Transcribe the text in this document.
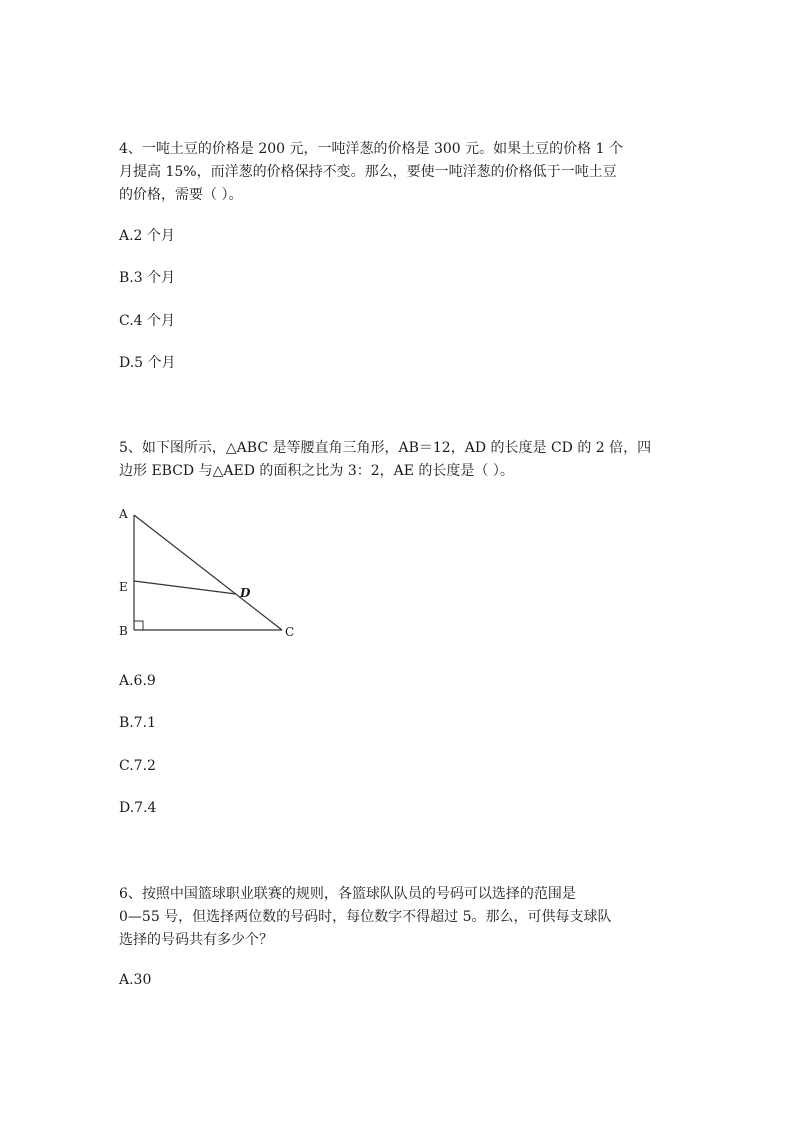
4、一吨土豆的价格是 200 元，一吨洋葱的价格是 300 元。如果土豆的价格 1 个
月提高 15%，而洋葱的价格保持不变。那么，要使一吨洋葱的价格低于一吨土豆
的价格，需要（ ）。

A.2 个月

B.3 个月

C.4 个月

D.5 个月

5、如下图所示，△ABC 是等腰直角三角形，AB＝12，AD 的长度是 CD 的 2 倍，四
边形 EBCD 与△AED 的面积之比为 3：2，AE 的长度是（ ）。
A
E
B	C
D

A.6.9

B.7.1

C.7.2

D.7.4

6、按照中国篮球职业联赛的规则，各篮球队队员的号码可以选择的范围是
0—55 号，但选择两位数的号码时，每位数字不得超过 5。那么，可供每支球队
选择的号码共有多少个？

A.30
